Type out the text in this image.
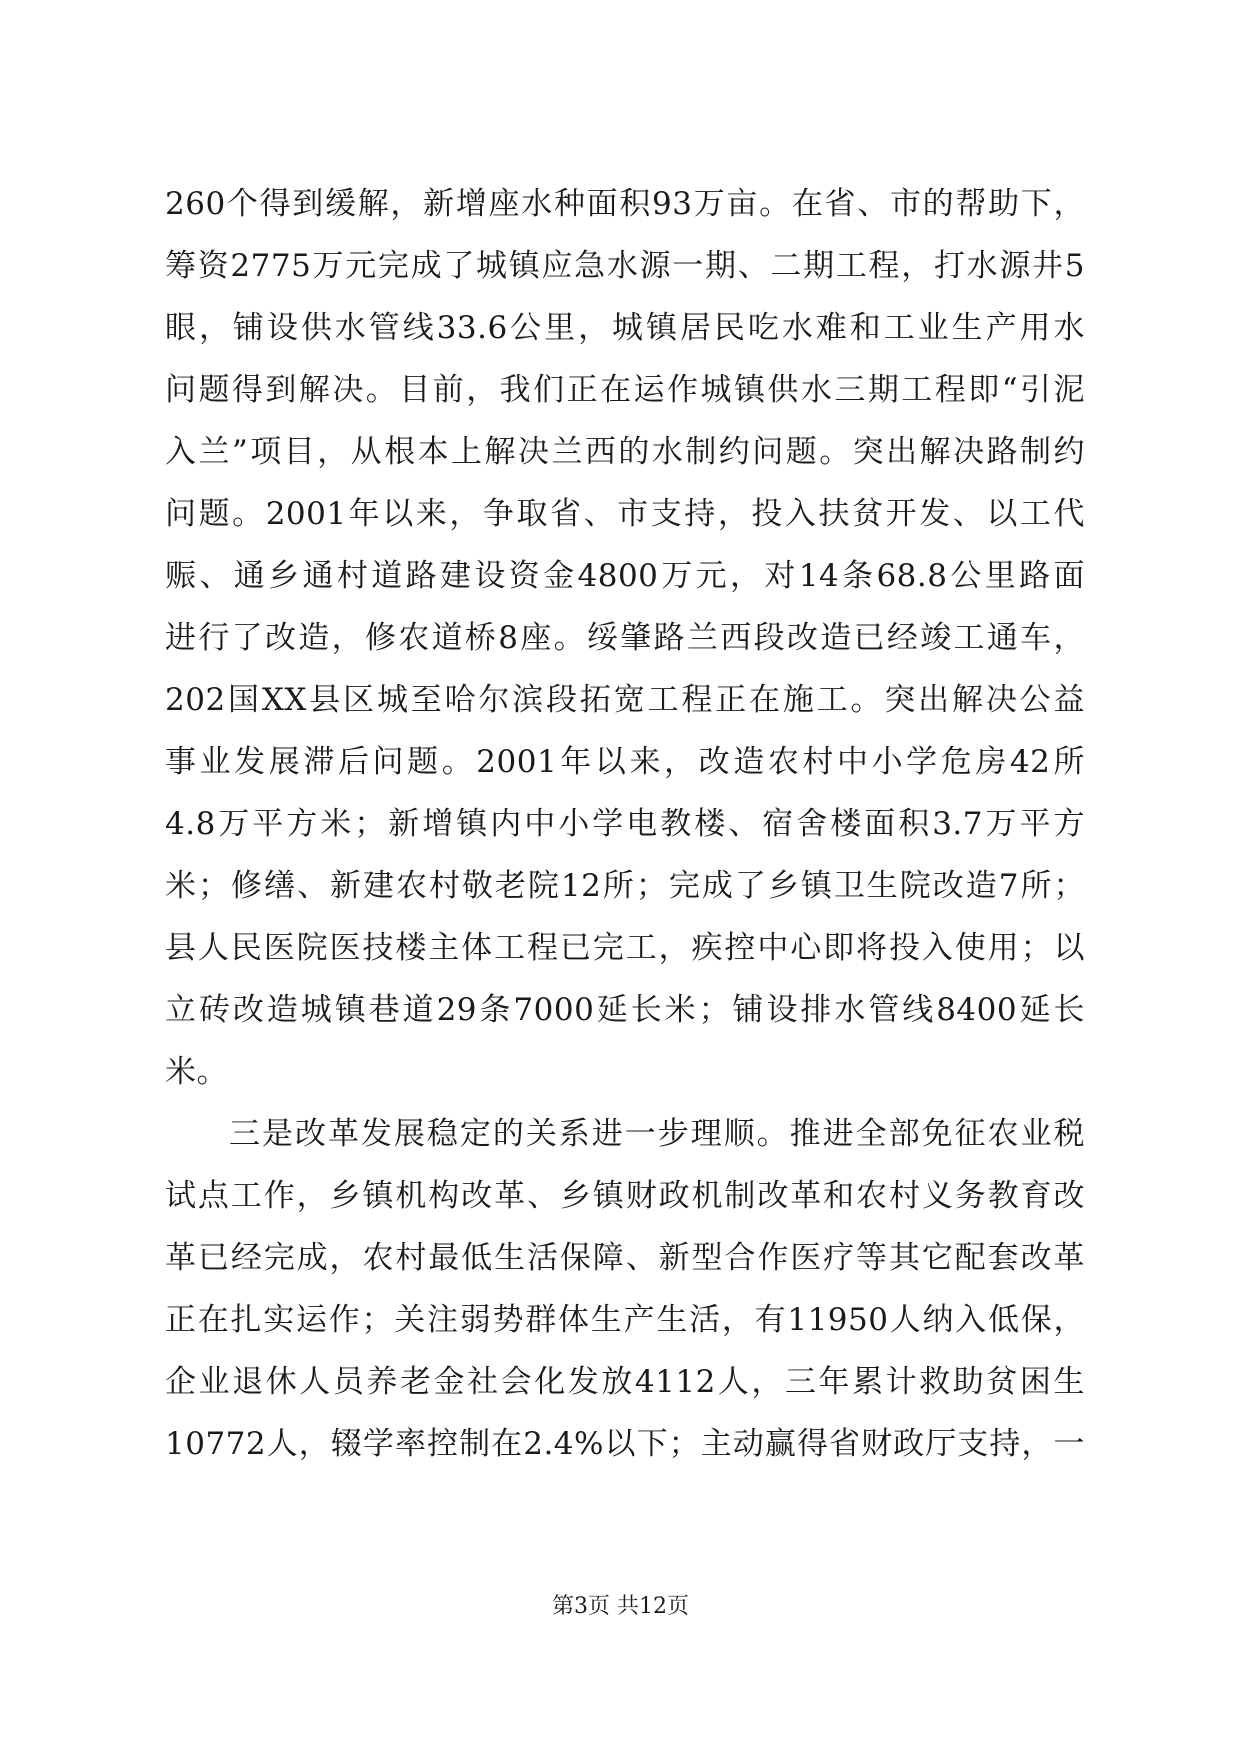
260个得到缓解，新增座水种面积93万亩。在省、市的帮助下，
筹资2775万元完成了城镇应急水源一期、二期工程，打水源井5
眼，铺设供水管线33.6公里，城镇居民吃水难和工业生产用水
问题得到解决。目前，我们正在运作城镇供水三期工程即“引泥
入兰”项目，从根本上解决兰西的水制约问题。突出解决路制约
问题。2001年以来，争取省、市支持，投入扶贫开发、以工代
赈、通乡通村道路建设资金4800万元，对14条68.8公里路面
进行了改造，修农道桥8座。绥肇路兰西段改造已经竣工通车，
202国XX县区城至哈尔滨段拓宽工程正在施工。突出解决公益
事业发展滞后问题。2001年以来，改造农村中小学危房42所
4.8万平方米；新增镇内中小学电教楼、宿舍楼面积3.7万平方
米；修缮、新建农村敬老院12所；完成了乡镇卫生院改造7所；
县人民医院医技楼主体工程已完工，疾控中心即将投入使用；以
立砖改造城镇巷道29条7000延长米；铺设排水管线8400延长
米。
三是改革发展稳定的关系进一步理顺。推进全部免征农业税
试点工作，乡镇机构改革、乡镇财政机制改革和农村义务教育改
革已经完成，农村最低生活保障、新型合作医疗等其它配套改革
正在扎实运作；关注弱势群体生产生活，有11950人纳入低保，
企业退休人员养老金社会化发放4112人，三年累计救助贫困生
10772人，辍学率控制在2.4%以下；主动赢得省财政厅支持，一
第3页 共12页
